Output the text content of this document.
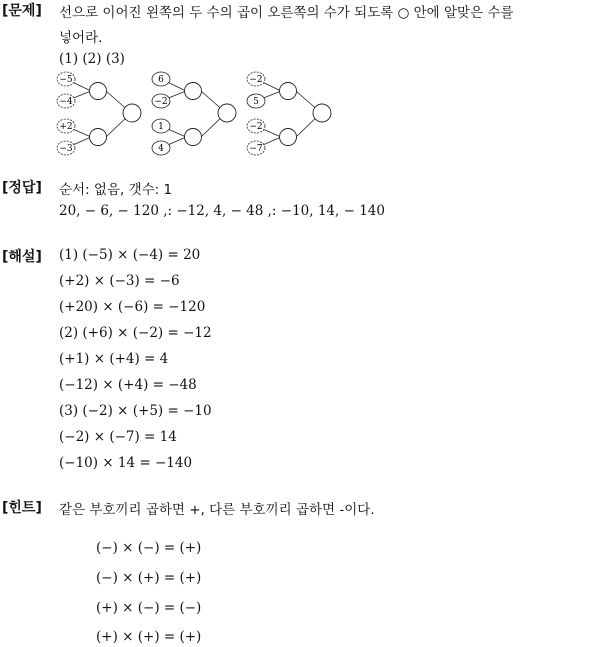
[문제] 선으로 이어진 왼쪽의 두 수의 곱이 오른쪽의 수가 되도록 ○ 안에 알맞은 수를
넣어라.
(1) (2) (3)
−5
−4
+2
−3
6
−2
1
4
−2
5
−2
−7
[정답] 순서: 없음, 갯수: 1
20, − 6, − 120 ,: −12, 4, − 48 ,: −10, 14, − 140
[해설] (1) (−5) × (−4) = 20
(+2) × (−3) = −6
(+20) × (−6) = −120
(2) (+6) × (−2) = −12
(+1) × (+4) = 4
(−12) × (+4) = −48
(3) (−2) × (+5) = −10
(−2) × (−7) = 14
(−10) × 14 = −140
[힌트] 같은 부호끼리 곱하면 +, 다른 부호끼리 곱하면 -이다.
(−) × (−) = (+)
(−) × (+) = (+)
(+) × (−) = (−)
(+) × (+) = (+)
